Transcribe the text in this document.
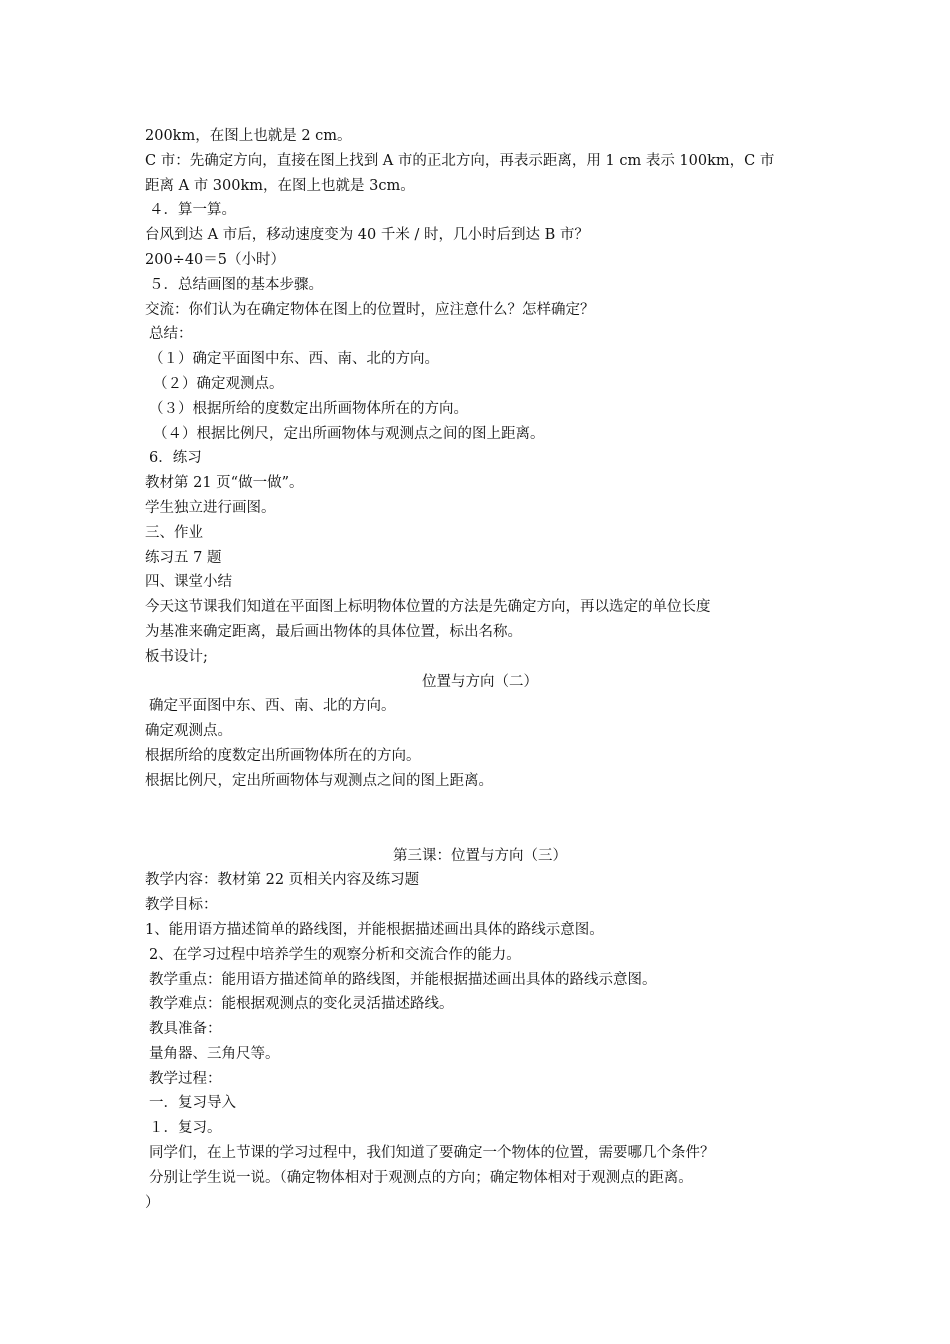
200km，在图上也就是 2 cm。
C 市：先确定方向，直接在图上找到 A 市的正北方向，再表示距离，用 1 cm 表示 100km，C 市
距离 A 市 300km，在图上也就是 3cm。
４．算一算。
台风到达 A 市后，移动速度变为 40 千米 / 时，几小时后到达 B 市？
200÷40＝5（小时）
５．总结画图的基本步骤。
交流：你们认为在确定物体在图上的位置时，应注意什么？怎样确定？
总结：
（１）确定平面图中东、西、南、北的方向。
（２）确定观测点。
（３）根据所给的度数定出所画物体所在的方向。
（４）根据比例尺，定出所画物体与观测点之间的图上距离。
6．练习
教材第 21 页“做一做”。
学生独立进行画图。
三、作业
练习五 7 题
四、课堂小结
今天这节课我们知道在平面图上标明物体位置的方法是先确定方向，再以选定的单位长度
为基准来确定距离，最后画出物体的具体位置，标出名称。
板书设计;
位置与方向（二）
确定平面图中东、西、南、北的方向。
确定观测点。
根据所给的度数定出所画物体所在的方向。
根据比例尺，定出所画物体与观测点之间的图上距离。
第三课：位置与方向（三）
教学内容：教材第 22 页相关内容及练习题
教学目标：
1、能用语方描述简单的路线图，并能根据描述画出具体的路线示意图。
2、在学习过程中培养学生的观察分析和交流合作的能力。
教学重点：能用语方描述简单的路线图，并能根据描述画出具体的路线示意图。
教学难点：能根据观测点的变化灵活描述路线。
教具准备：
量角器、三角尺等。
教学过程：
一．复习导入
１．复习。
同学们，在上节课的学习过程中，我们知道了要确定一个物体的位置，需要哪几个条件？
分别让学生说一说。（确定物体相对于观测点的方向；确定物体相对于观测点的距离。
）
